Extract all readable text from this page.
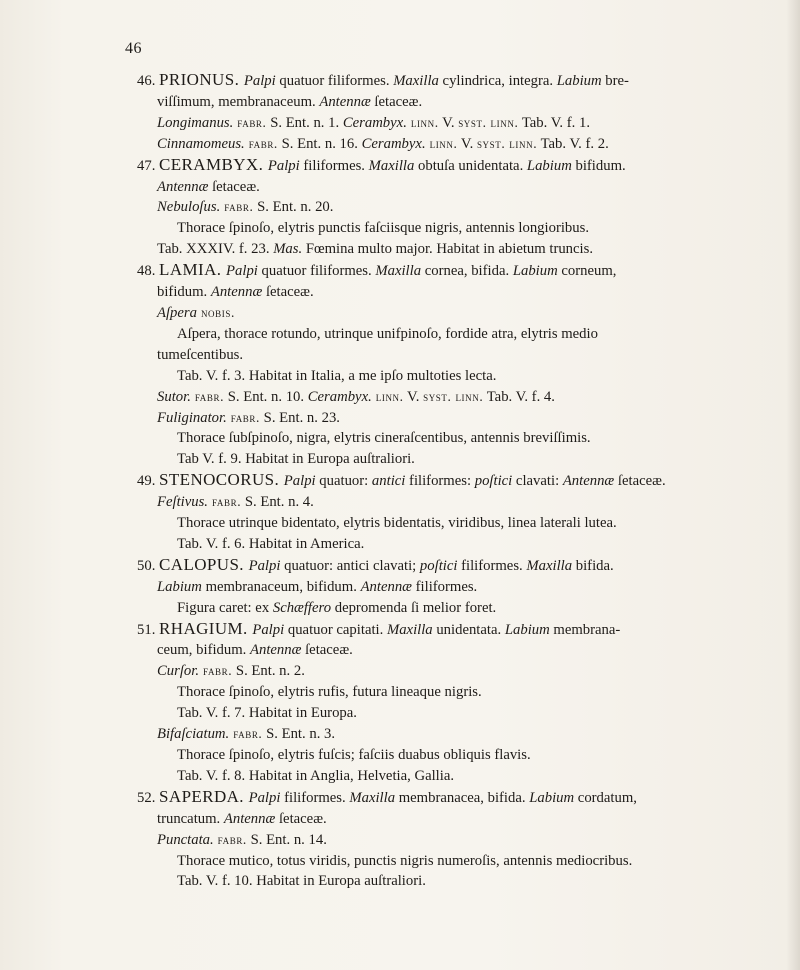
46
46. PRIONUS. Palpi quatuor filiformes. Maxilla cylindrica, integra. Labium bre-
viſſimum, membranaceum. Antennæ ſetaceæ.
Longimanus. fabr. S. Ent. n. 1. Cerambyx. linn. V. syst. linn. Tab. V. f. 1.
Cinnamomeus. fabr. S. Ent. n. 16. Cerambyx. linn. V. syst. linn. Tab. V. f. 2.
47. CERAMBYX. Palpi filiformes. Maxilla obtuſa unidentata. Labium bifidum.
Antennæ ſetaceæ.
Nebuloſus. fabr. S. Ent. n. 20.
Thorace ſpinoſo, elytris punctis faſciisque nigris, antennis longioribus.
Tab. XXXIV. f. 23. Mas. Fœmina multo major. Habitat in abietum truncis.
48. LAMIA. Palpi quatuor filiformes. Maxilla cornea, bifida. Labium corneum,
bifidum. Antennæ ſetaceæ.
Aſpera nobis.
Aſpera, thorace rotundo, utrinque unifpinoſo, fordide atra, elytris medio
tumeſcentibus.
Tab. V. f. 3. Habitat in Italia, a me ipſo multoties lecta.
Sutor. fabr. S. Ent. n. 10. Cerambyx. linn. V. syst. linn. Tab. V. f. 4.
Fuliginator. fabr. S. Ent. n. 23.
Thorace ſubſpinoſo, nigra, elytris cineraſcentibus, antennis breviſſimis.
Tab V. f. 9. Habitat in Europa auſtraliori.
49. STENOCORUS. Palpi quatuor: antici filiformes: poſtici clavati: Antennæ ſetaceæ.
Feſtivus. fabr. S. Ent. n. 4.
Thorace utrinque bidentato, elytris bidentatis, viridibus, linea laterali lutea.
Tab. V. f. 6. Habitat in America.
50. CALOPUS. Palpi quatuor: antici clavati; poſtici filiformes. Maxilla bifida.
Labium membranaceum, bifidum. Antennæ filiformes.
Figura caret: ex Schæffero depromenda ſi melior foret.
51. RHAGIUM. Palpi quatuor capitati. Maxilla unidentata. Labium membrana-
ceum, bifidum. Antennæ ſetaceæ.
Curſor. fabr. S. Ent. n. 2.
Thorace ſpinoſo, elytris rufis, futura lineaque nigris.
Tab. V. f. 7. Habitat in Europa.
Bifaſciatum. fabr. S. Ent. n. 3.
Thorace ſpinoſo, elytris fuſcis; faſciis duabus obliquis flavis.
Tab. V. f. 8. Habitat in Anglia, Helvetia, Gallia.
52. SAPERDA. Palpi filiformes. Maxilla membranacea, bifida. Labium cordatum,
truncatum. Antennæ ſetaceæ.
Punctata. fabr. S. Ent. n. 14.
Thorace mutico, totus viridis, punctis nigris numeroſis, antennis mediocribus.
Tab. V. f. 10. Habitat in Europa auſtraliori.
